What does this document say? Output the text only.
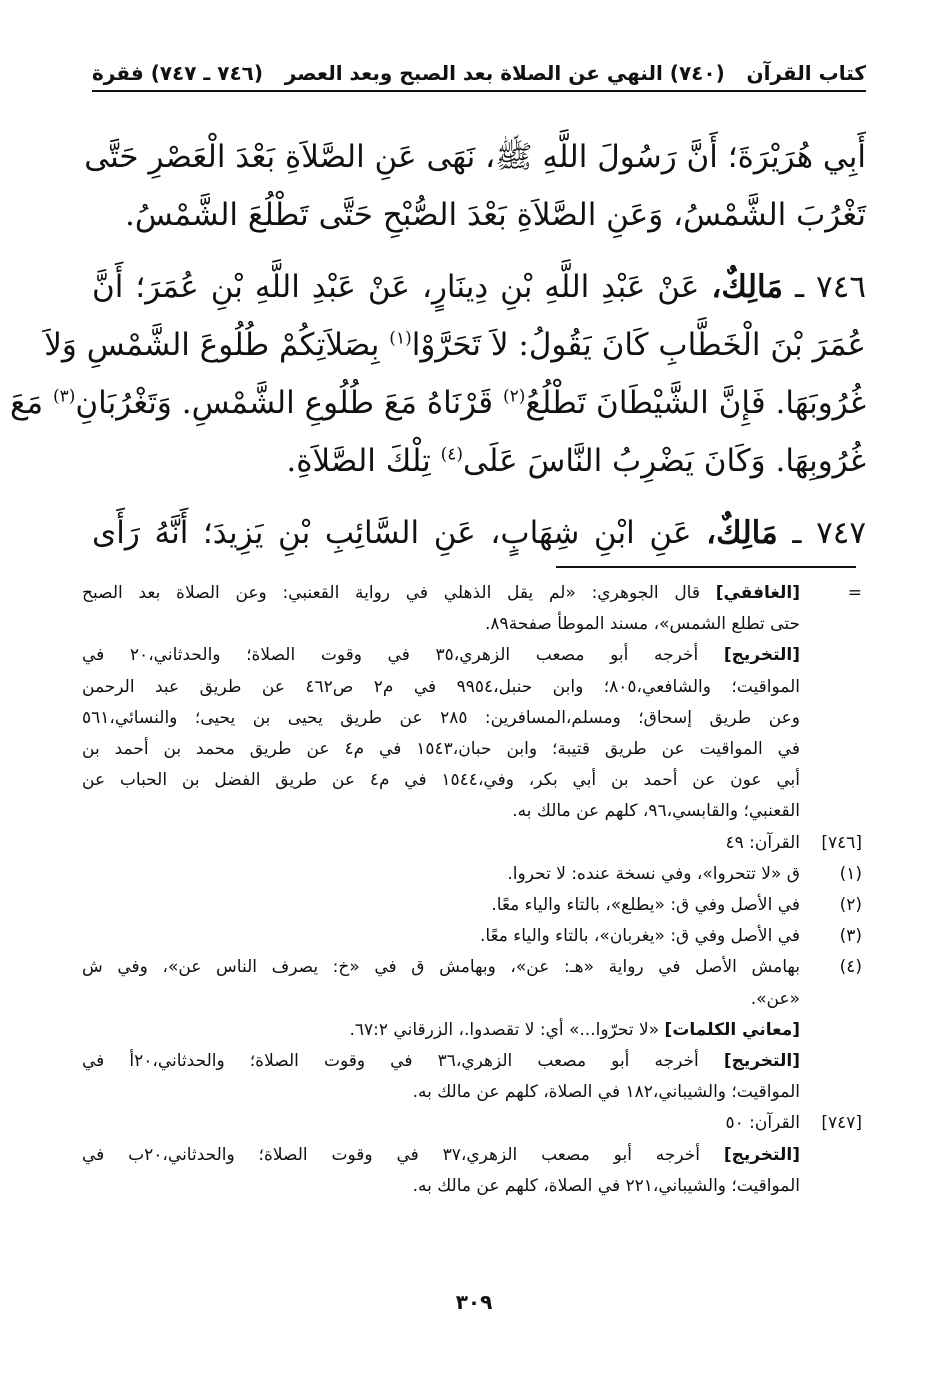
كتاب القرآن
(٧٤٠) النهي عن الصلاة بعد الصبح وبعد العصر
(٧٤٦ ـ ٧٤٧) فقرة

أَبِي هُرَيْرَةَ؛ أَنَّ رَسُولَ اللَّهِ ﷺ، نَهَى عَنِ الصَّلاَةِ بَعْدَ الْعَصْرِ حَتَّى
تَغْرُبَ الشَّمْسُ، وَعَنِ الصَّلاَةِ بَعْدَ الصُّبْحِ حَتَّى تَطْلُعَ الشَّمْسُ.

٧٤٦ ـ مَالِكٌ، عَنْ عَبْدِ اللَّهِ بْنِ دِينَارٍ، عَنْ عَبْدِ اللَّهِ بْنِ عُمَرَ؛ أَنَّ
عُمَرَ بْنَ الْخَطَّابِ كَانَ يَقُولُ: لاَ تَحَرَّوْا$^{(١)}$ بِصَلاَتِكُمْ طُلُوعَ الشَّمْسِ وَلاَ
غُرُوبَهَا. فَإِنَّ الشَّيْطَانَ تَطْلُعُ$^{(٢)}$ قَرْنَاهُ مَعَ طُلُوعِ الشَّمْسِ. وَتَغْرُبَانِ$^{(٣)}$ مَعَ
غُرُوبِهَا. وَكَانَ يَضْرِبُ النَّاسَ عَلَى$^{(٤)}$ تِلْكَ الصَّلاَةِ.

٧٤٧ ـ مَالِكٌ، عَنِ ابْنِ شِهَابٍ، عَنِ السَّائِبِ بْنِ يَزِيدَ؛ أَنَّهُ رَأَى

=
[الغافقي] قال الجوهري: «لم يقل الذهلي في رواية القعنبي: وعن الصلاة بعد الصبح
حتى تطلع الشمس»، مسند الموطأ صفحة٨٩.
[التخريج] أخرجه أبو مصعب الزهري،٣٥ في وقوت الصلاة؛ والحدثاني،٢٠ في
المواقيت؛ والشافعي،٨٠٥؛ وابن حنبل،٩٩٥٤ في م٢ ص٤٦٢ عن طريق عبد الرحمن
وعن طريق إسحاق؛ ومسلم،المسافرين: ٢٨٥ عن طريق يحيى بن يحيى؛ والنسائي،٥٦١
في المواقيت عن طريق قتيبة؛ وابن حبان،١٥٤٣ في م٤ عن طريق محمد بن أحمد بن
أبي عون عن أحمد بن أبي بكر، وفي،١٥٤٤ في م٤ عن طريق الفضل بن الحباب عن
القعنبي؛ والقابسي،٩٦، كلهم عن مالك به.
[٧٤٦]
القرآن: ٤٩
(١)
ق «لا تتحروا»، وفي نسخة عنده: لا تحروا.
(٢)
في الأصل وفي ق: «يطلع»، بالتاء والياء معًا.
(٣)
في الأصل وفي ق: «يغربان»، بالتاء والياء معًا.
(٤)
بهامش الأصل في رواية «هـ: عن»، وبهامش ق في «خ: يصرف الناس عن»، وفي ش
«عن».
[معاني الكلمات] «لا تحرّوا...» أي: لا تقصدوا.، الزرقاني ٦٧:٢.
[التخريج] أخرجه أبو مصعب الزهري،٣٦ في وقوت الصلاة؛ والحدثاني،٢٠أ في
المواقيت؛ والشيباني،١٨٢ في الصلاة، كلهم عن مالك به.
[٧٤٧]
القرآن: ٥٠
[التخريج] أخرجه أبو مصعب الزهري،٣٧ في وقوت الصلاة؛ والحدثاني،٢٠ب في
المواقيت؛ والشيباني،٢٢١ في الصلاة، كلهم عن مالك به.
٣٠٩
